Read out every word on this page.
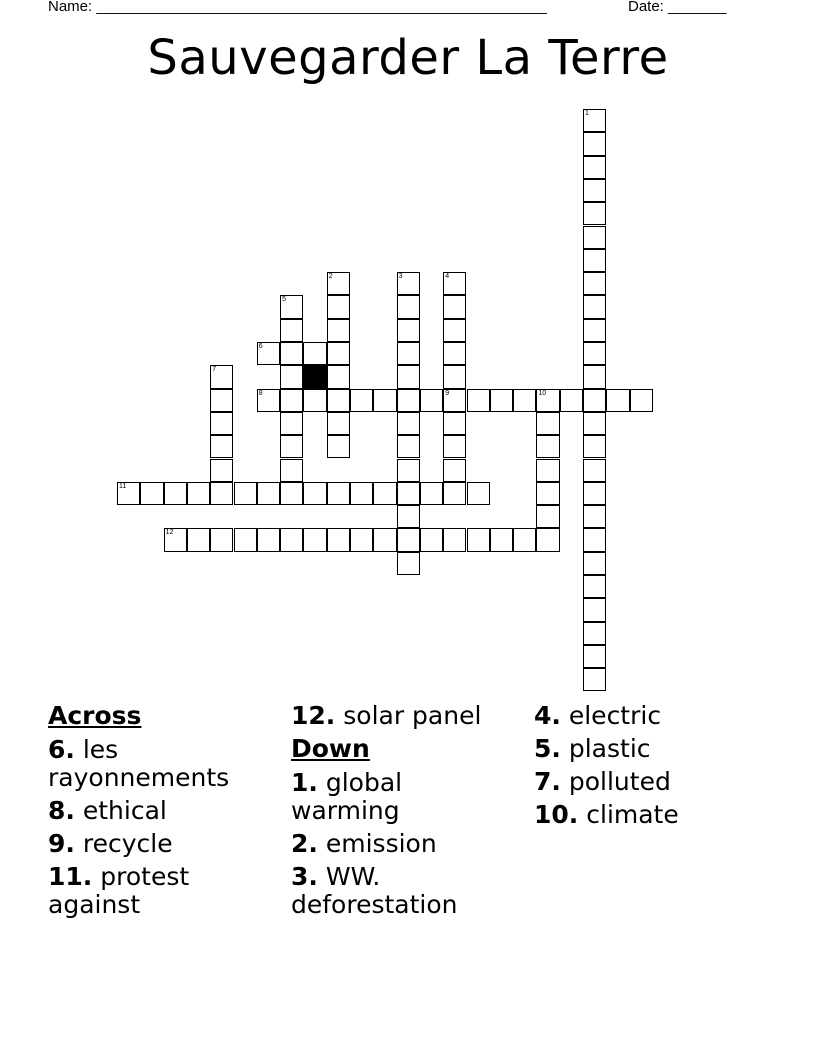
Name: ______________________________________________________	Date: _______
Sauvegarder La Terre
6
8	9	10
11
12
1
2	3	4
5
7
Across
6. les rayonnements
8. ethical
9. recycle
11. protest against
12. solar panel
Down
1. global warming
2. emission
3. WW. deforestation
4. electric
5. plastic
7. polluted
10. climate
